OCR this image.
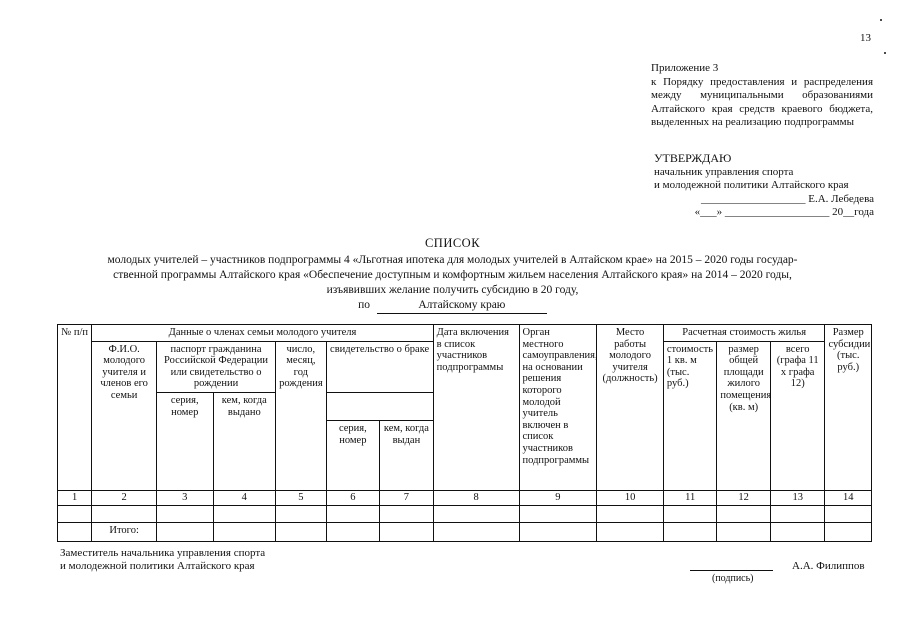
13
Приложение 3
к Порядку предоставления и распределения между муниципальными образованиями Алтайского края средств краевого бюджета, выделенных на реализацию подпрограммы
УТВЕРЖДАЮ
начальник управления спорта
и молодежной политики Алтайского края
___________________ Е.А. Лебедева
«___» ___________________ 20__года
СПИСОК
молодых учителей – участников подпрограммы 4 «Льготная ипотека для молодых учителей в Алтайском крае» на 2015 – 2020 годы государ-
ственной программы Алтайского края «Обеспечение доступным и комфортным жильем населения Алтайского края» на 2014 – 2020 годы,
изъявивших желание получить субсидию в 20 году,
по	Алтайскому краю
№ п/п	Данные о членах семьи молодого учителя						Дата включения в список участников подпрограммы	Орган местного самоуправления, на основании решения которого молодой учитель включен в список участников подпрограммы	Место работы молодого учителя (должность)	Расчетная стоимость жилья			Размер субсидии (тыс. руб.)
	Ф.И.О. молодого учителя и членов его семьи	паспорт гражданина Российской Федерации или свидетельство о рождении		число, месяц, год рождения	свидетельство о браке					стоимость 1 кв. м (тыс. руб.)	размер общей площади жилого помещения (кв. м)	всего (графа 11 х графа 12)	
		серия, номер	кем, когда выдано										
					серия, номер	кем, когда выдан							
1	2	3	4	5	6	7	8	9	10	11	12	13	14

	Итого:												
Заместитель начальника управления спорта
и молодежной политики Алтайского края	А.А. Филиппов
(подпись)
